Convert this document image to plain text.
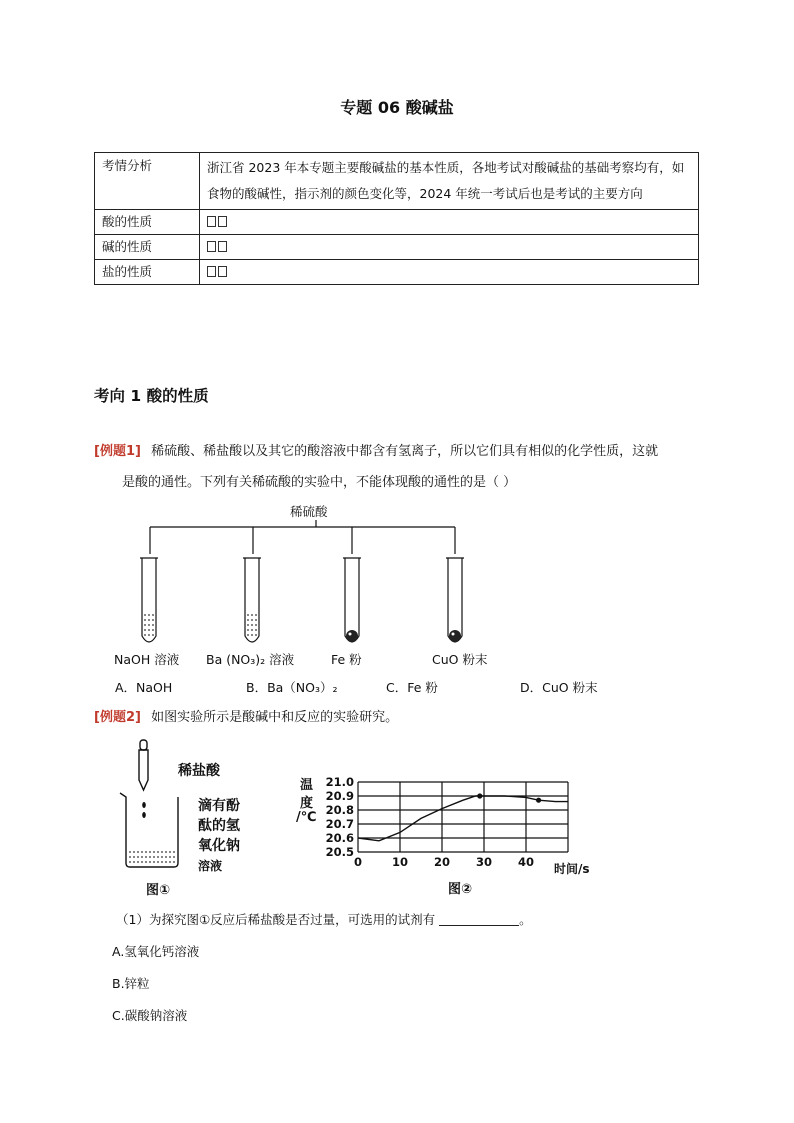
专题 06 酸碱盐
考情分析	浙江省 2023 年本专题主要酸碱盐的基本性质，各地考试对酸碱盐的基础考察均有，如食物的酸碱性，指示剂的颜色变化等，2024 年统一考试后也是考试的主要方向
酸的性质	
碱的性质	
盐的性质	
考向 1 酸的性质
[例题1] 稀硫酸、稀盐酸以及其它的酸溶液中都含有氢离子，所以它们具有相似的化学性质，这就
是酸的通性。下列有关稀硫酸的实验中，不能体现酸的通性的是（ ）
稀硫酸
NaOH 溶液 Ba (NO₃)₂ 溶液	Fe 粉	CuO 粉末
A．NaOH	B．Ba（NO₃）₂	C．Fe 粉	D．CuO 粉末
[例题2] 如图实验所示是酸碱中和反应的实验研究。
稀盐酸
滴有酚
酞的氢
氧化钠
溶液
图①
温
度
/℃
20.5
20.6
20.7
20.8
20.9
21.0
0	10 20 30 40 时间/s
图②
（1）为探究图①反应后稀盐酸是否过量，可选用的试剂有	。
A.氢氧化钙溶液
B.锌粒
C.碳酸钠溶液
